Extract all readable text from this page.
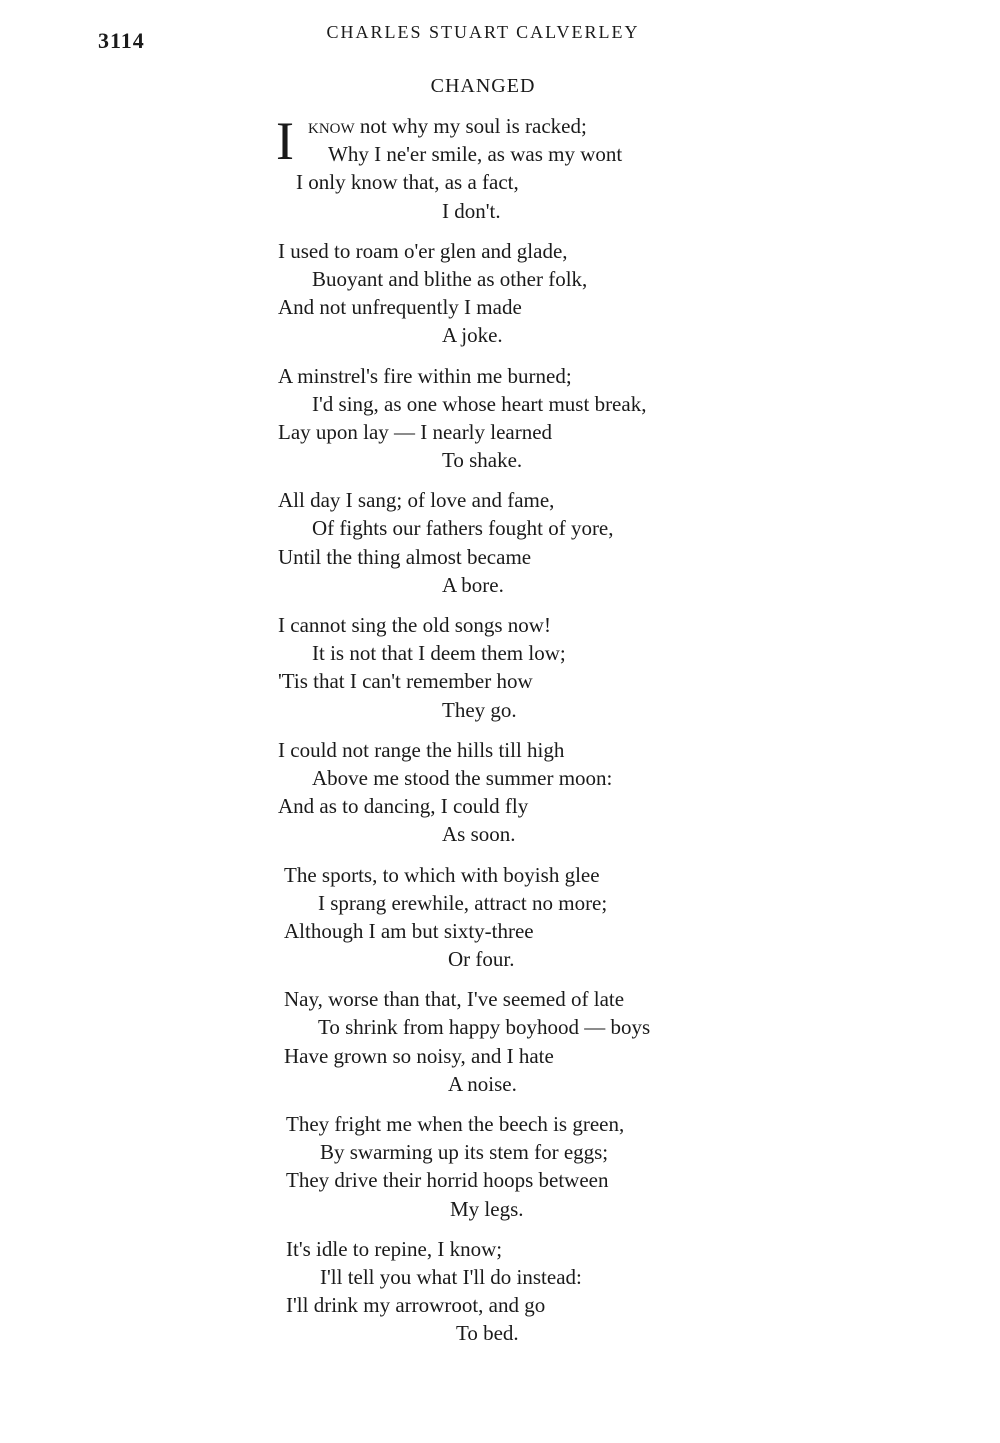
3114	CHARLES STUART CALVERLEY
CHANGED
I know not why my soul is racked;
Why I ne'er smile, as was my wont
I only know that, as a fact,
I don't.
I used to roam o'er glen and glade,
Buoyant and blithe as other folk,
And not unfrequently I made
A joke.
A minstrel's fire within me burned;
I'd sing, as one whose heart must break,
Lay upon lay — I nearly learned
To shake.
All day I sang; of love and fame,
Of fights our fathers fought of yore,
Until the thing almost became
A bore.
I cannot sing the old songs now!
It is not that I deem them low;
'Tis that I can't remember how
They go.
I could not range the hills till high
Above me stood the summer moon:
And as to dancing, I could fly
As soon.
The sports, to which with boyish glee
I sprang erewhile, attract no more;
Although I am but sixty-three
Or four.
Nay, worse than that, I've seemed of late
To shrink from happy boyhood — boys
Have grown so noisy, and I hate
A noise.
They fright me when the beech is green,
By swarming up its stem for eggs;
They drive their horrid hoops between
My legs.
It's idle to repine, I know;
I'll tell you what I'll do instead:
I'll drink my arrowroot, and go
To bed.
